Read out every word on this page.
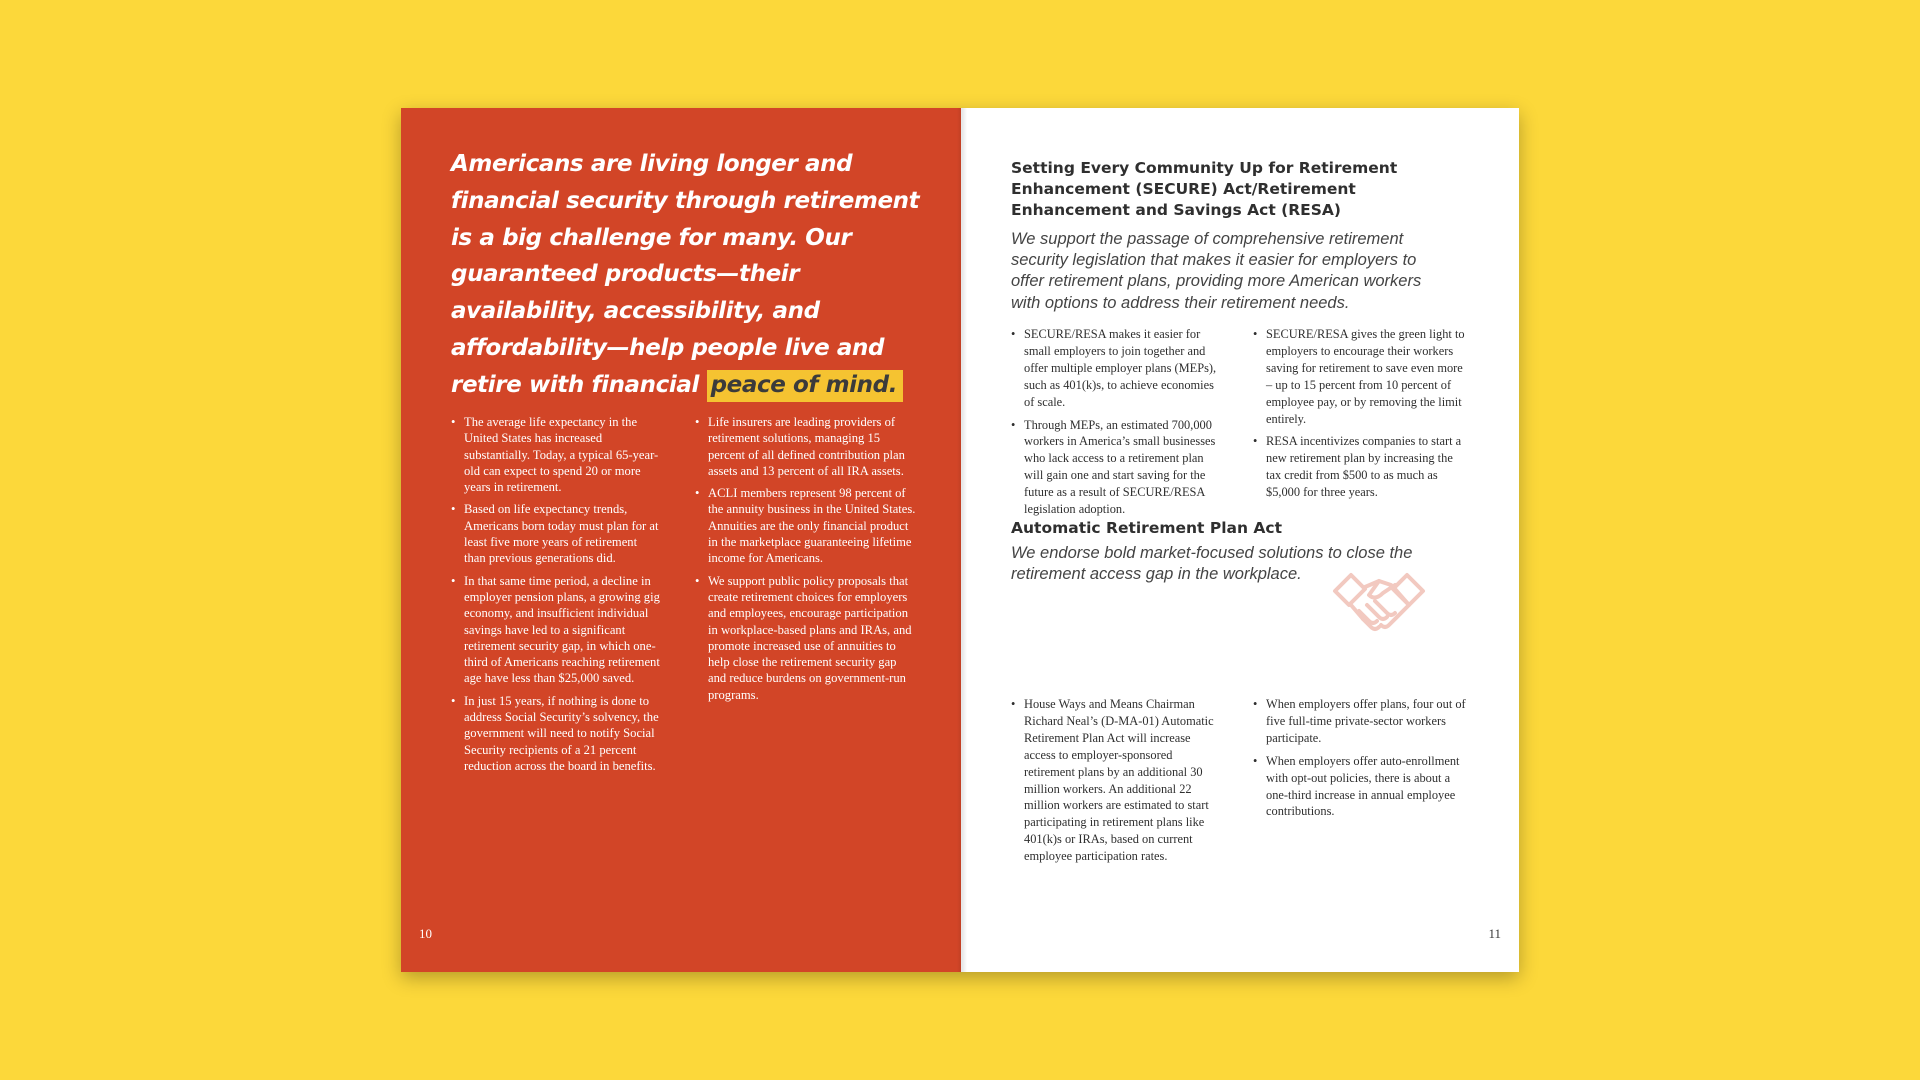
Americans are living longer and financial security through retirement is a big challenge for many. Our guaranteed products—their availability, accessibility, and affordability—help people live and retire with financial peace of mind.

• The average life expectancy in the United States has increased substantially. Today, a typical 65-year-old can expect to spend 20 or more years in retirement.
• Based on life expectancy trends, Americans born today must plan for at least five more years of retirement than previous generations did.
• In that same time period, a decline in employer pension plans, a growing gig economy, and insufficient individual savings have led to a significant retirement security gap, in which one-third of Americans reaching retirement age have less than $25,000 saved.
• In just 15 years, if nothing is done to address Social Security’s solvency, the government will need to notify Social Security recipients of a 21 percent reduction across the board in benefits.
• Life insurers are leading providers of retirement solutions, managing 15 percent of all defined contribution plan assets and 13 percent of all IRA assets.
• ACLI members represent 98 percent of the annuity business in the United States. Annuities are the only financial product in the marketplace guaranteeing lifetime income for Americans.
• We support public policy proposals that create retirement choices for employers and employees, encourage participation in workplace-based plans and IRAs, and promote increased use of annuities to help close the retirement security gap and reduce burdens on government-run programs.
10
Setting Every Community Up for Retirement Enhancement (SECURE) Act/Retirement Enhancement and Savings Act (RESA)

We support the passage of comprehensive retirement security legislation that makes it easier for employers to offer retirement plans, providing more American workers with options to address their retirement needs.

• SECURE/RESA makes it easier for small employers to join together and offer multiple employer plans (MEPs), such as 401(k)s, to achieve economies of scale.
• Through MEPs, an estimated 700,000 workers in America’s small businesses who lack access to a retirement plan will gain one and start saving for the future as a result of SECURE/RESA legislation adoption.
• SECURE/RESA gives the green light to employers to encourage their workers saving for retirement to save even more – up to 15 percent from 10 percent of employee pay, or by removing the limit entirely.
• RESA incentivizes companies to start a new retirement plan by increasing the tax credit from $500 to as much as $5,000 for three years.
Automatic Retirement Plan Act

We endorse bold market-focused solutions to close the retirement access gap in the workplace.

• House Ways and Means Chairman Richard Neal’s (D-MA-01) Automatic Retirement Plan Act will increase access to employer-sponsored retirement plans by an additional 30 million workers. An additional 22 million workers are estimated to start participating in retirement plans like 401(k)s or IRAs, based on current employee participation rates.
• When employers offer plans, four out of five full-time private-sector workers participate.
• When employers offer auto-enrollment with opt-out policies, there is about a one-third increase in annual employee contributions.
11
